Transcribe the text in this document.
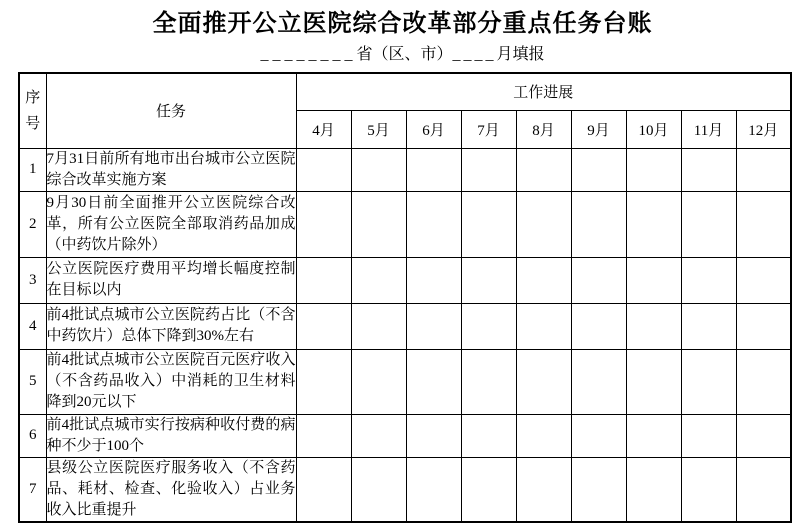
全面推开公立医院综合改革部分重点任务台账
________省（区、市）____月填报
序号	任务	工作进展								
		4月	5月	6月	7月	8月	9月	10月	11月	12月
1	7月31日前所有地市出台城市公立医院综合改革实施方案									
2	9月30日前全面推开公立医院综合改革，所有公立医院全部取消药品加成（中药饮片除外）									
3	公立医院医疗费用平均增长幅度控制在目标以内									
4	前4批试点城市公立医院药占比（不含中药饮片）总体下降到30%左右									
5	前4批试点城市公立医院百元医疗收入（不含药品收入）中消耗的卫生材料降到20元以下									
6	前4批试点城市实行按病种收付费的病种不少于100个									
7	县级公立医院医疗服务收入（不含药品、耗材、检查、化验收入）占业务收入比重提升									
